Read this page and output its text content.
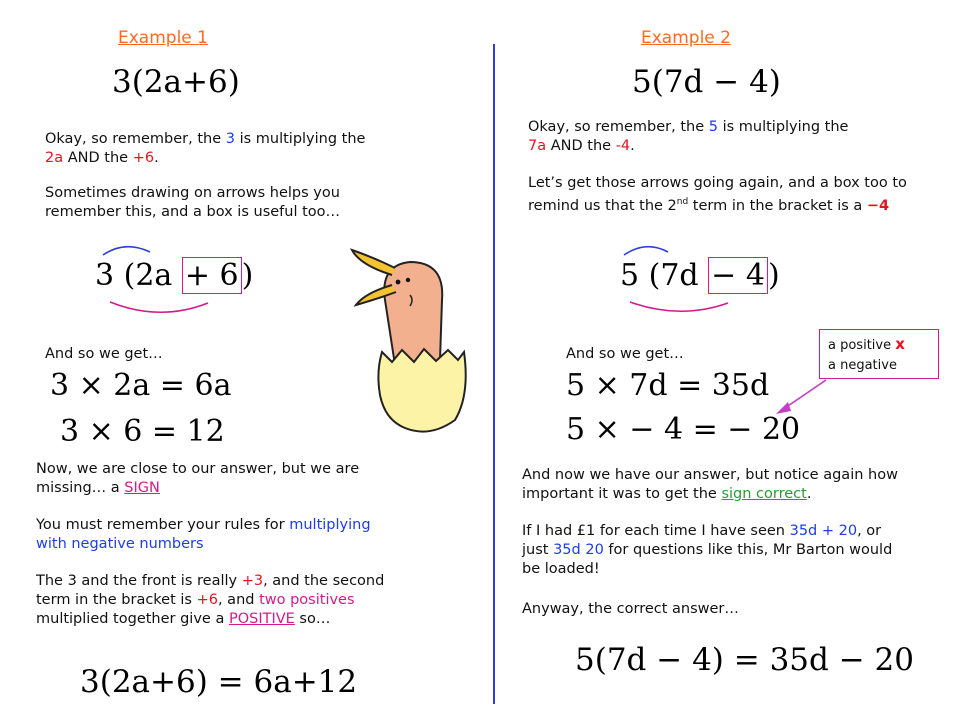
Example 1
3(2a+6)
Okay, so remember, the 3 is multiplying the
2a AND the +6.
Sometimes drawing on arrows helps you remember this, and a box is useful too…
3 (2a + 6 )
And so we get…
3 × 2a = 6a
3 × 6 = 12
Now, we are close to our answer, but we are missing… a SIGN
You must remember your rules for multiplying with negative numbers
The 3 and the front is really +3, and the second term in the bracket is +6, and two positives multiplied together give a POSITIVE so…
3(2a+6) = 6a+12
Example 2
5(7d − 4)
Okay, so remember, the 5 is multiplying the
7a AND the -4.
Let’s get those arrows going again, and a box too to remind us that the 2nd term in the bracket is a −4
5 (7d − 4 )
And so we get…
5 × 7d = 35d
5 × − 4 = − 20
a positive x
a negative
And now we have our answer, but notice again how important it was to get the sign correct.
If I had £1 for each time I have seen 35d + 20, or just 35d 20 for questions like this, Mr Barton would be loaded!
Anyway, the correct answer…
5(7d − 4) = 35d − 20
